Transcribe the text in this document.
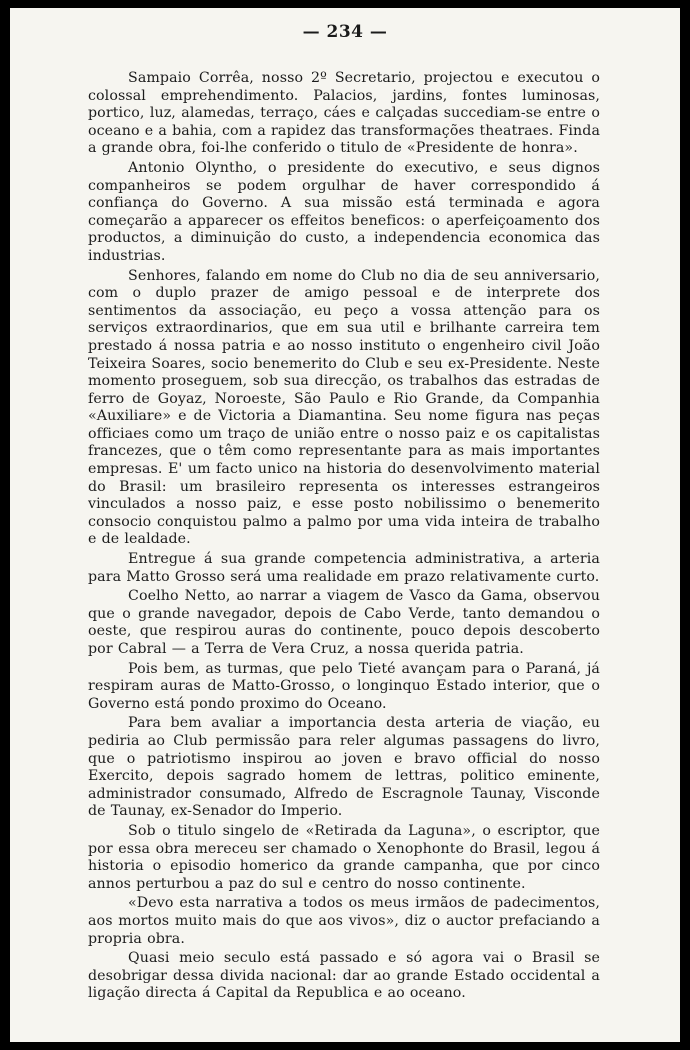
— 234 —

Sampaio Corrêa, nosso 2º Secretario, projectou e executou o colossal emprehendimento. Palacios, jardins, fontes luminosas, portico, luz, alamedas, terraço, cáes e calçadas succediam-se entre o oceano e a bahia, com a rapidez das transformações theatraes. Finda a grande obra, foi-lhe conferido o titulo de «Presidente de honra».

Antonio Olyntho, o presidente do executivo, e seus dignos companheiros se podem orgulhar de haver correspondido á confiança do Governo. A sua missão está terminada e agora começarão a apparecer os effeitos beneficos: o aperfeiçoamento dos productos, a diminuição do custo, a independencia economica das industrias.

Senhores, falando em nome do Club no dia de seu anniversario, com o duplo prazer de amigo pessoal e de interprete dos sentimentos da associação, eu peço a vossa attenção para os serviços extraordinarios, que em sua util e brilhante carreira tem prestado á nossa patria e ao nosso instituto o engenheiro civil João Teixeira Soares, socio benemerito do Club e seu ex-Presidente. Neste momento proseguem, sob sua direcção, os trabalhos das estradas de ferro de Goyaz, Noroeste, São Paulo e Rio Grande, da Companhia «Auxiliare» e de Victoria a Diamantina. Seu nome figura nas peças officiaes como um traço de união entre o nosso paiz e os capitalistas francezes, que o têm como representante para as mais importantes empresas. E' um facto unico na historia do desenvolvimento material do Brasil: um brasileiro representa os interesses estrangeiros vinculados a nosso paiz, e esse posto nobilissimo o benemerito consocio conquistou palmo a palmo por uma vida inteira de trabalho e de lealdade.

Entregue á sua grande competencia administrativa, a arteria para Matto Grosso será uma realidade em prazo relativamente curto.

Coelho Netto, ao narrar a viagem de Vasco da Gama, observou que o grande navegador, depois de Cabo Verde, tanto demandou o oeste, que respirou auras do continente, pouco depois descoberto por Cabral — a Terra de Vera Cruz, a nossa querida patria.

Pois bem, as turmas, que pelo Tieté avançam para o Paraná, já respiram auras de Matto-Grosso, o longinquo Estado interior, que o Governo está pondo proximo do Oceano.

Para bem avaliar a importancia desta arteria de viação, eu pediria ao Club permissão para reler algumas passagens do livro, que o patriotismo inspirou ao joven e bravo official do nosso Exercito, depois sagrado homem de lettras, politico eminente, administrador consumado, Alfredo de Escragnole Taunay, Visconde de Taunay, ex-Senador do Imperio.

Sob o titulo singelo de «Retirada da Laguna», o escriptor, que por essa obra mereceu ser chamado o Xenophonte do Brasil, legou á historia o episodio homerico da grande campanha, que por cinco annos perturbou a paz do sul e centro do nosso continente.

«Devo esta narrativa a todos os meus irmãos de padecimentos, aos mortos muito mais do que aos vivos», diz o auctor prefaciando a propria obra.

Quasi meio seculo está passado e só agora vai o Brasil se desobrigar dessa divida nacional: dar ao grande Estado occidental a ligação directa á Capital da Republica e ao oceano.
